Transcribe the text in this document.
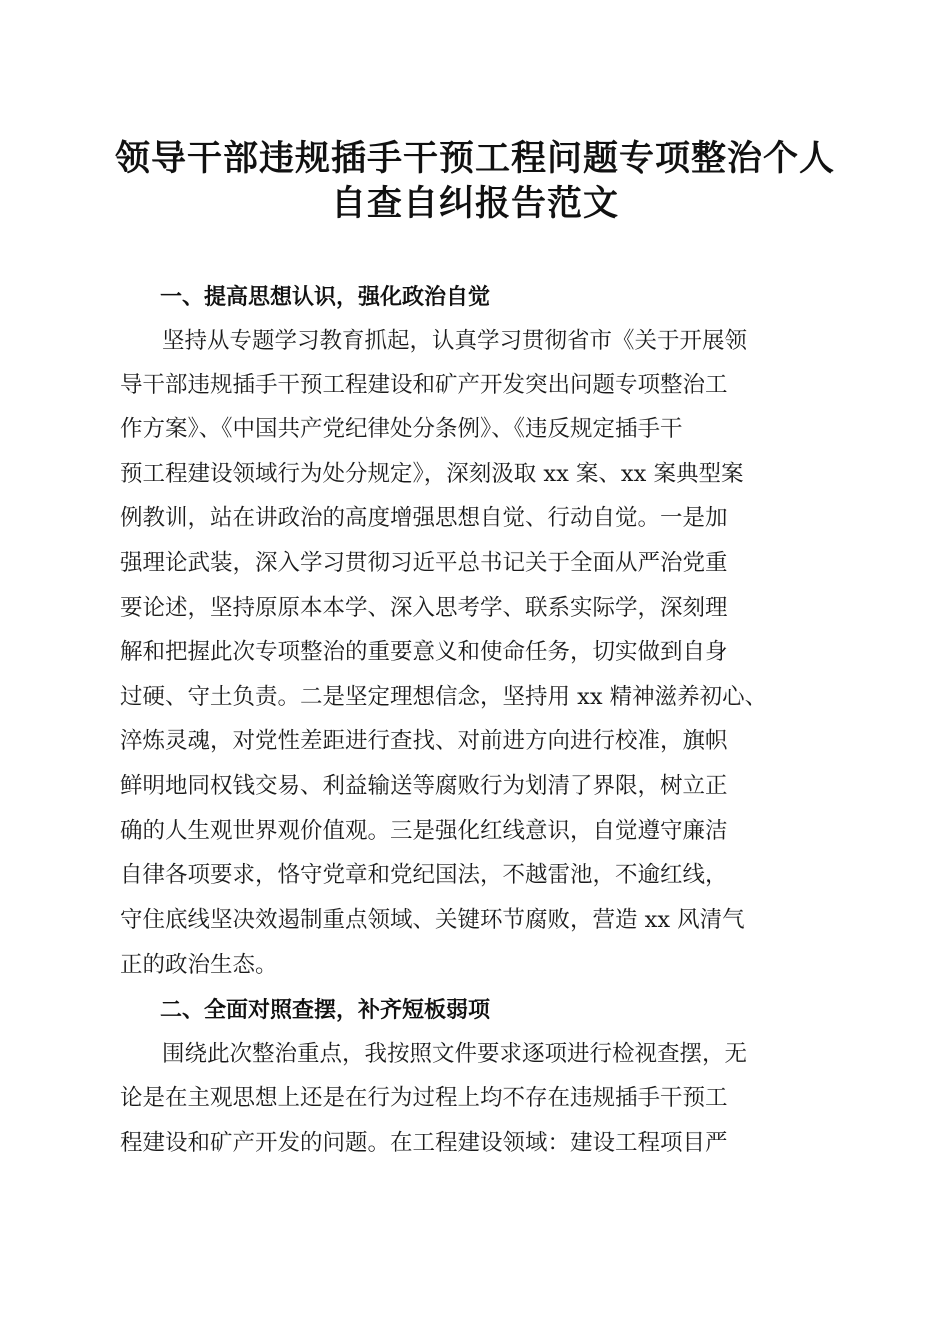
领导干部违规插手干预工程问题专项整治个人
自查自纠报告范文
一、提高思想认识，强化政治自觉
坚持从专题学习教育抓起，认真学习贯彻省市《关于开展领
导干部违规插手干预工程建设和矿产开发突出问题专项整治工
作方案》、《中国共产党纪律处分条例》、《违反规定插手干
预工程建设领域行为处分规定》，深刻汲取 xx 案、xx 案典型案
例教训，站在讲政治的高度增强思想自觉、行动自觉。一是加
强理论武装，深入学习贯彻习近平总书记关于全面从严治党重
要论述，坚持原原本本学、深入思考学、联系实际学，深刻理
解和把握此次专项整治的重要意义和使命任务，切实做到自身
过硬、守土负责。二是坚定理想信念，坚持用 xx 精神滋养初心、
淬炼灵魂，对党性差距进行查找、对前进方向进行校准，旗帜
鲜明地同权钱交易、利益输送等腐败行为划清了界限，树立正
确的人生观世界观价值观。三是强化红线意识，自觉遵守廉洁
自律各项要求，恪守党章和党纪国法，不越雷池，不逾红线，
守住底线坚决效遏制重点领域、关键环节腐败，营造 xx 风清气
正的政治生态。
二、全面对照查摆，补齐短板弱项
围绕此次整治重点，我按照文件要求逐项进行检视查摆，无
论是在主观思想上还是在行为过程上均不存在违规插手干预工
程建设和矿产开发的问题。在工程建设领域：建设工程项目严
